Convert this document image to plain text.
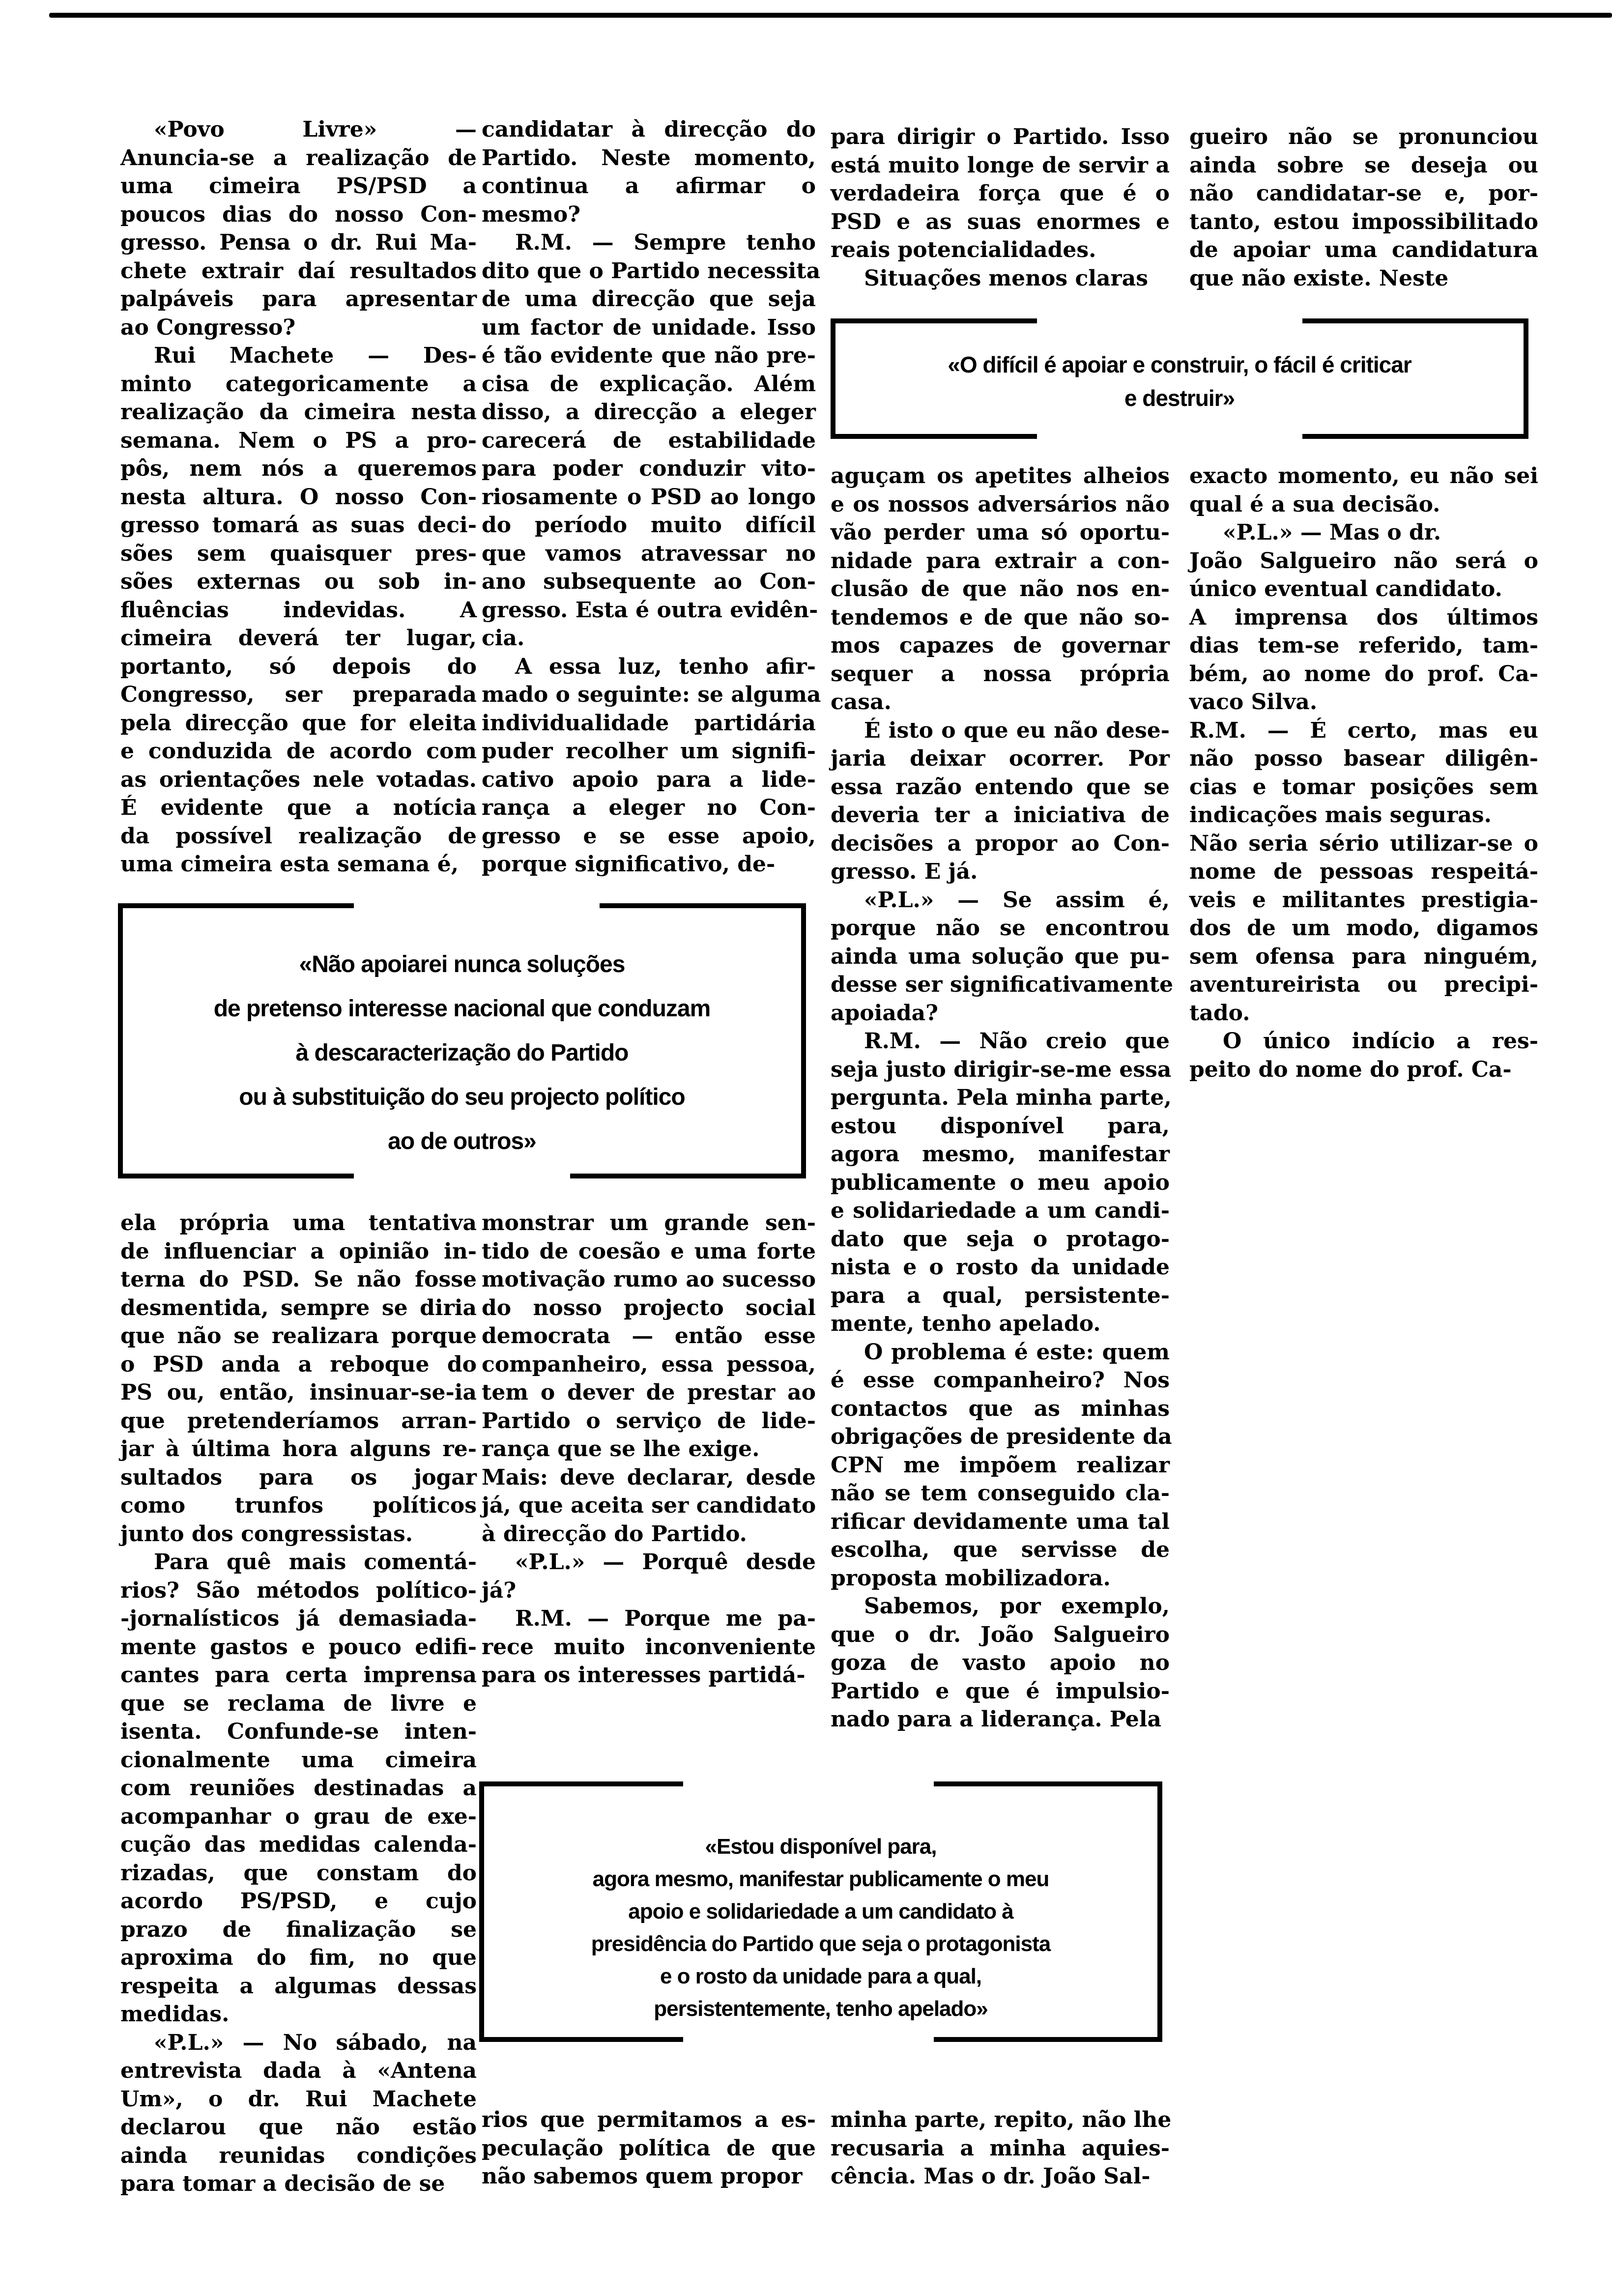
«Povo Livre» —
Anuncia-se a realização de
uma cimeira PS/PSD a
poucos dias do nosso Con-
gresso. Pensa o dr. Rui Ma-
chete extrair daí resultados
palpáveis para apresentar
ao Congresso?
Rui Machete — Des-
minto categoricamente a
realização da cimeira nesta
semana. Nem o PS a pro-
pôs, nem nós a queremos
nesta altura. O nosso Con-
gresso tomará as suas deci-
sões sem quaisquer pres-
sões externas ou sob in-
fluências indevidas. A
cimeira deverá ter lugar,
portanto, só depois do
Congresso, ser preparada
pela direcção que for eleita
e conduzida de acordo com
as orientações nele votadas.
É evidente que a notícia
da possível realização de
uma cimeira esta semana é,
candidatar à direcção do
Partido. Neste momento,
continua a afirmar o
mesmo?
R.M. — Sempre tenho
dito que o Partido necessita
de uma direcção que seja
um factor de unidade. Isso
é tão evidente que não pre-
cisa de explicação. Além
disso, a direcção a eleger
carecerá de estabilidade
para poder conduzir vito-
riosamente o PSD ao longo
do período muito difícil
que vamos atravessar no
ano subsequente ao Con-
gresso. Esta é outra evidên-
cia.
A essa luz, tenho afir-
mado o seguinte: se alguma
individualidade partidária
puder recolher um signifi-
cativo apoio para a lide-
rança a eleger no Con-
gresso e se esse apoio,
porque significativo, de-
para dirigir o Partido. Isso
está muito longe de servir a
verdadeira força que é o
PSD e as suas enormes e
reais potencialidades.
Situações menos claras
gueiro não se pronunciou
ainda sobre se deseja ou
não candidatar-se e, por-
tanto, estou impossibilitado
de apoiar uma candidatura
que não existe. Neste
«O difícil é apoiar e construir, o fácil é criticar
e destruir»
aguçam os apetites alheios
e os nossos adversários não
vão perder uma só oportu-
nidade para extrair a con-
clusão de que não nos en-
tendemos e de que não so-
mos capazes de governar
sequer a nossa própria
casa.
É isto o que eu não dese-
jaria deixar ocorrer. Por
essa razão entendo que se
deveria ter a iniciativa de
decisões a propor ao Con-
gresso. E já.
«P.L.» — Se assim é,
porque não se encontrou
ainda uma solução que pu-
desse ser significativamente
apoiada?
R.M. — Não creio que
seja justo dirigir-se-me essa
pergunta. Pela minha parte,
estou disponível para,
agora mesmo, manifestar
publicamente o meu apoio
e solidariedade a um candi-
dato que seja o protago-
nista e o rosto da unidade
para a qual, persistente-
mente, tenho apelado.
O problema é este: quem
é esse companheiro? Nos
contactos que as minhas
obrigações de presidente da
CPN me impõem realizar
não se tem conseguido cla-
rificar devidamente uma tal
escolha, que servisse de
proposta mobilizadora.
Sabemos, por exemplo,
que o dr. João Salgueiro
goza de vasto apoio no
Partido e que é impulsio-
nado para a liderança. Pela
exacto momento, eu não sei
qual é a sua decisão.
«P.L.» — Mas o dr.
João Salgueiro não será o
único eventual candidato.
A imprensa dos últimos
dias tem-se referido, tam-
bém, ao nome do prof. Ca-
vaco Silva.
R.M. — É certo, mas eu
não posso basear diligên-
cias e tomar posições sem
indicações mais seguras.
Não seria sério utilizar-se o
nome de pessoas respeitá-
veis e militantes prestigia-
dos de um modo, digamos
sem ofensa para ninguém,
aventureirista ou precipi-
tado.
O único indício a res-
peito do nome do prof. Ca-
«Não apoiarei nunca soluções
de pretenso interesse nacional que conduzam
à descaracterização do Partido
ou à substituição do seu projecto político
ao de outros»
ela própria uma tentativa
de influenciar a opinião in-
terna do PSD. Se não fosse
desmentida, sempre se diria
que não se realizara porque
o PSD anda a reboque do
PS ou, então, insinuar-se-ia
que pretenderíamos arran-
jar à última hora alguns re-
sultados para os jogar
como trunfos políticos
junto dos congressistas.
Para quê mais comentá-
rios? São métodos político-
-jornalísticos já demasiada-
mente gastos e pouco edifi-
cantes para certa imprensa
que se reclama de livre e
isenta. Confunde-se inten-
cionalmente uma cimeira
com reuniões destinadas a
acompanhar o grau de exe-
cução das medidas calenda-
rizadas, que constam do
acordo PS/PSD, e cujo
prazo de finalização se
aproxima do fim, no que
respeita a algumas dessas
medidas.
«P.L.» — No sábado, na
entrevista dada à «Antena
Um», o dr. Rui Machete
declarou que não estão
ainda reunidas condições
para tomar a decisão de se
monstrar um grande sen-
tido de coesão e uma forte
motivação rumo ao sucesso
do nosso projecto social
democrata — então esse
companheiro, essa pessoa,
tem o dever de prestar ao
Partido o serviço de lide-
rança que se lhe exige.
Mais: deve declarar, desde
já, que aceita ser candidato
à direcção do Partido.
«P.L.» — Porquê desde
já?
R.M. — Porque me pa-
rece muito inconveniente
para os interesses partidá-
«Estou disponível para,
agora mesmo, manifestar publicamente o meu
apoio e solidariedade a um candidato à
presidência do Partido que seja o protagonista
e o rosto da unidade para a qual,
persistentemente, tenho apelado»
rios que permitamos a es-
peculação política de que
não sabemos quem propor
minha parte, repito, não lhe
recusaria a minha aquies-
cência. Mas o dr. João Sal-
